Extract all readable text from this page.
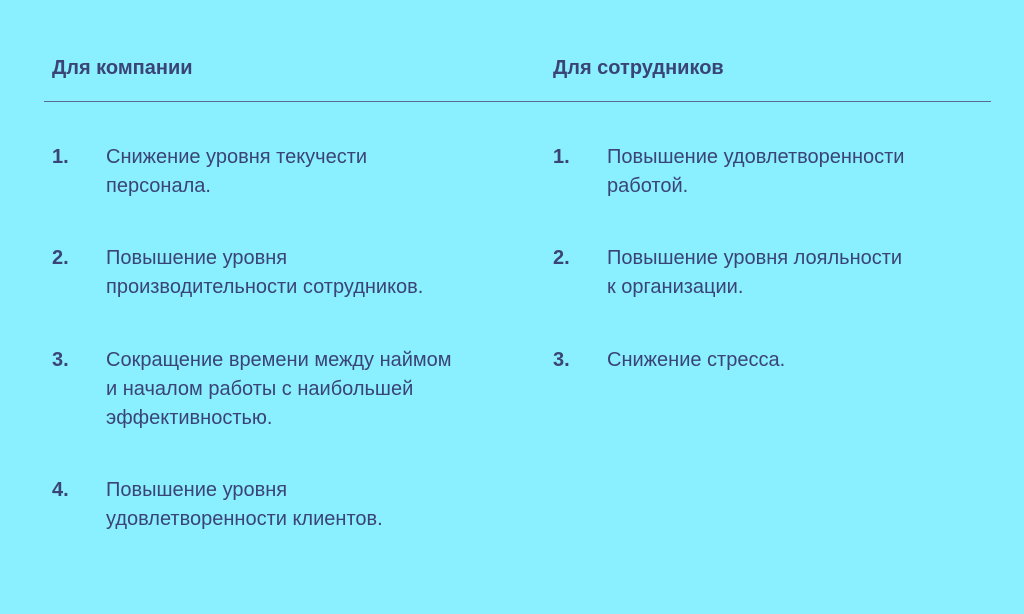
Для компании	Для сотрудников
1. Снижение уровня текучести
персонала.
2. Повышение уровня
производительности сотрудников.
3. Сокращение времени между наймом
и началом работы с наибольшей
эффективностью.
4. Повышение уровня
удовлетворенности клиентов.
1. Повышение удовлетворенности
работой.
2. Повышение уровня лояльности
к организации.
3. Снижение стресса.
